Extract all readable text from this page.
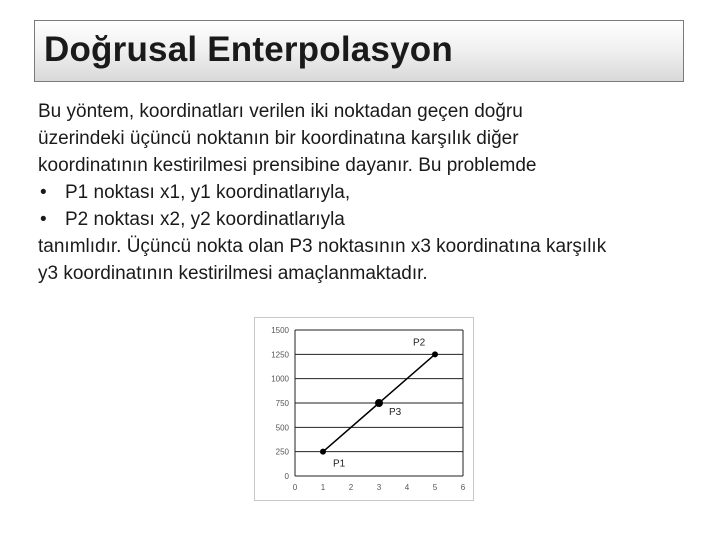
Doğrusal Enterpolasyon

Bu yöntem, koordinatları verilen iki noktadan geçen doğru

üzerindeki üçüncü noktanın bir koordinatına karşılık diğer

koordinatının kestirilmesi prensibine dayanır. Bu problemde

• P1 noktası x1, y1 koordinatlarıyla,
• P2 noktası x2, y2 koordinatlarıyla

tanımlıdır. Üçüncü nokta olan P3 noktasının x3 koordinatına karşılık

y3 koordinatının kestirilmesi amaçlanmaktadır.

0
250
500
750
1000
1250
1500
0	1	2	3	4	5	6
P1
P3
P2
